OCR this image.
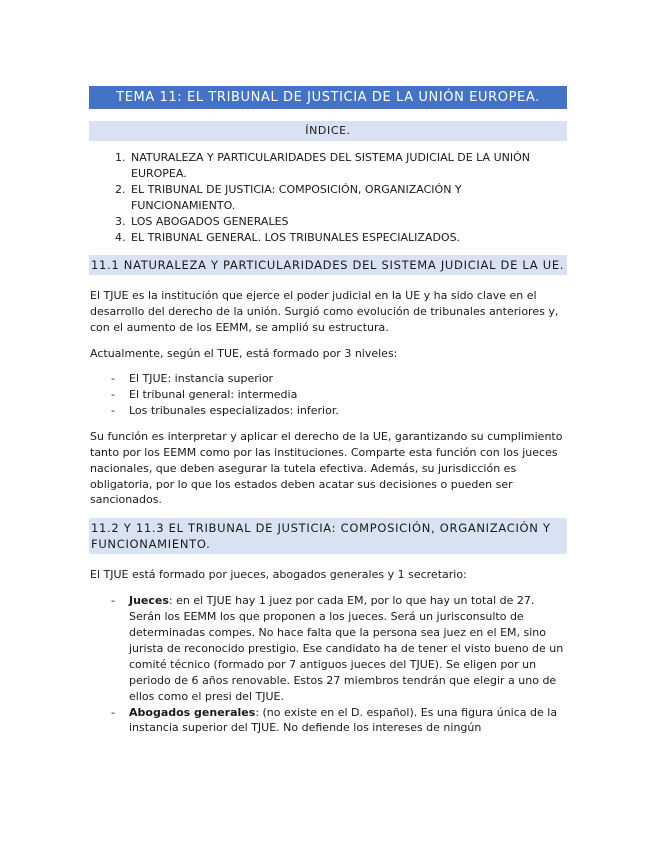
TEMA 11: EL TRIBUNAL DE JUSTICIA DE LA UNIÓN EUROPEA.
ÍNDICE.
1. NATURALEZA Y PARTICULARIDADES DEL SISTEMA JUDICIAL DE LA UNIÓN EUROPEA.
2. EL TRIBUNAL DE JUSTICIA: COMPOSICIÓN, ORGANIZACIÓN Y FUNCIONAMIENTO.
3. LOS ABOGADOS GENERALES
4. EL TRIBUNAL GENERAL. LOS TRIBUNALES ESPECIALIZADOS.
11.1 NATURALEZA Y PARTICULARIDADES DEL SISTEMA JUDICIAL DE LA UE.

El TJUE es la institución que ejerce el poder judicial en la UE y ha sido clave en el desarrollo del derecho de la unión. Surgió como evolución de tribunales anteriores y, con el aumento de los EEMM, se amplió su estructura.

Actualmente, según el TUE, está formado por 3 niveles:

- El TJUE: instancia superior
- El tribunal general: intermedia
- Los tribunales especializados: inferior.

Su función es interpretar y aplicar el derecho de la UE, garantizando su cumplimiento tanto por los EEMM como por las instituciones. Comparte esta función con los jueces nacionales, que deben asegurar la tutela efectiva. Además, su jurisdicción es obligatoria, por lo que los estados deben acatar sus decisiones o pueden ser sancionados.

11.2 Y 11.3 EL TRIBUNAL DE JUSTICIA: COMPOSICIÓN, ORGANIZACIÓN Y FUNCIONAMIENTO.

El TJUE está formado por jueces, abogados generales y 1 secretario:

- Jueces: en el TJUE hay 1 juez por cada EM, por lo que hay un total de 27. Serán los EEMM los que proponen a los jueces. Será un jurisconsulto de determinadas compes. No hace falta que la persona sea juez en el EM, sino jurista de reconocido prestigio. Ese candidato ha de tener el visto bueno de un comité técnico (formado por 7 antiguos jueces del TJUE). Se eligen por un periodo de 6 años renovable. Estos 27 miembros tendrán que elegir a uno de ellos como el presi del TJUE.
- Abogados generales: (no existe en el D. español). Es una figura única de la instancia superior del TJUE. No defiende los intereses de ningún
